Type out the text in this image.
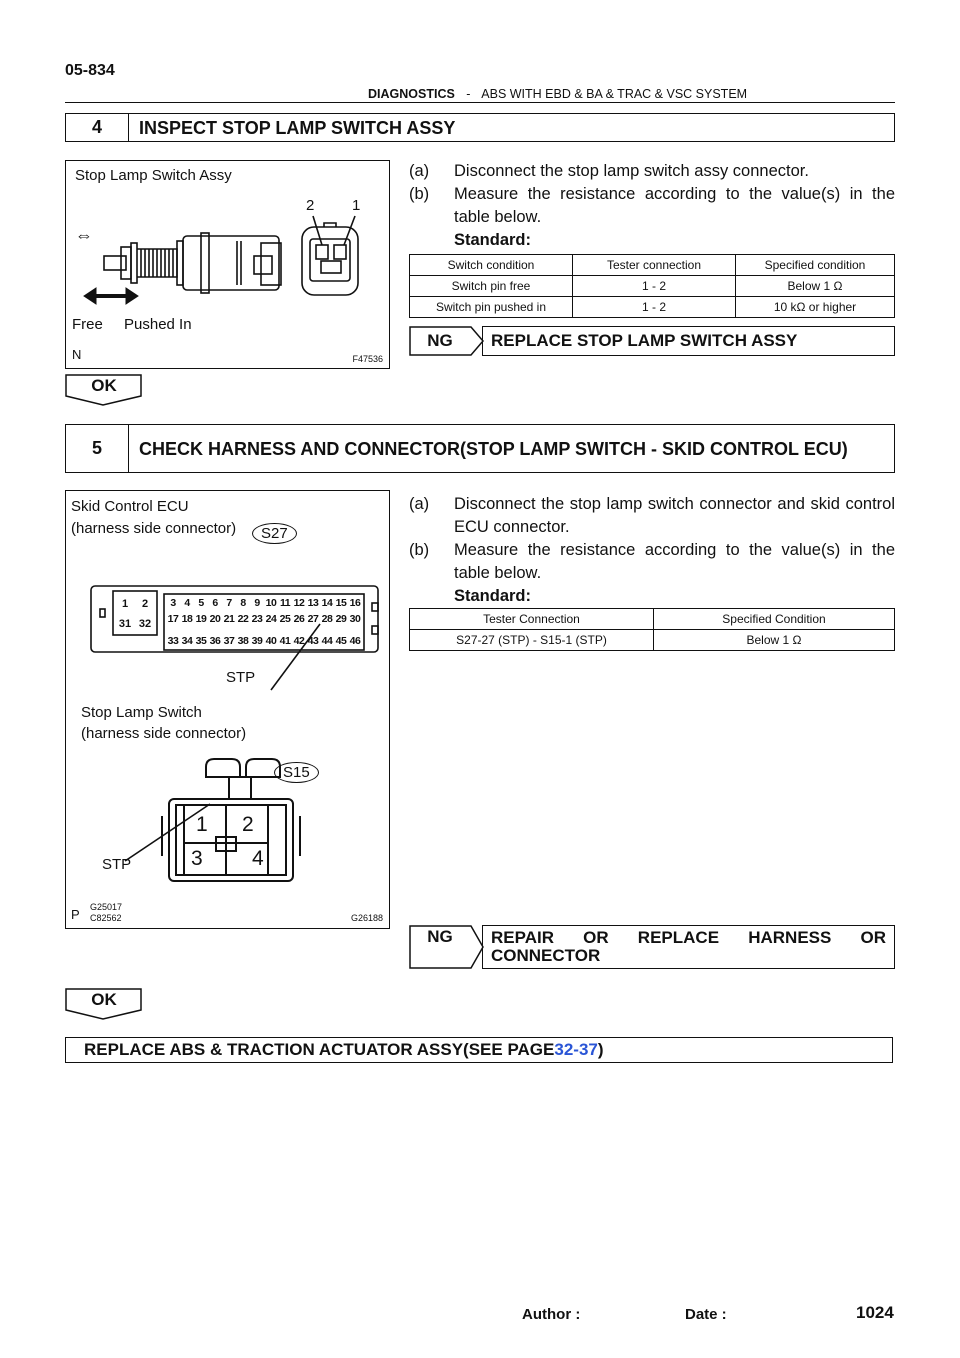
05-834
DIAGNOSTICS - ABS WITH EBD & BA & TRAC & VSC SYSTEM
4	INSPECT STOP LAMP SWITCH ASSY
Stop Lamp Switch Assy
2	1
⇔
Free Pushed In
N	F47536
(a)	Disconnect the stop lamp switch assy connector.
(b)	Measure the resistance according to the value(s) in the table below.
Standard:
Switch condition	Tester connection	Specified condition
Switch pin free	1 - 2	Below 1 Ω
Switch pin pushed in	1 - 2	10 kΩ or higher
NG	REPLACE STOP LAMP SWITCH ASSY
OK
5	CHECK HARNESS AND CONNECTOR(STOP LAMP SWITCH - SKID CONTROL ECU)
Skid Control ECU
(harness side connector)	S27
1 2
31 32
3 4 5 6 7 8 9 10 11 12 13 14 15 16
17 18 19 20 21 22 23 24 25 26 27 28 29 30
33 34 35 36 37 38 39 40 41 42 43 44 45 46
STP
Stop Lamp Switch
(harness side connector)
S15
1 2
3 4
STP
P G25017
C82562	G26188
(a)	Disconnect the stop lamp switch connector and skid control ECU connector.
(b)	Measure the resistance according to the value(s) in the table below.
Standard:
Tester Connection	Specified Condition
S27-27 (STP) - S15-1 (STP)	Below 1 Ω
NG	REPAIR OR REPLACE HARNESS OR CONNECTOR
OK
REPLACE ABS & TRACTION ACTUATOR ASSY(SEE PAGE 32-37 )
Author :	Date :	1024
